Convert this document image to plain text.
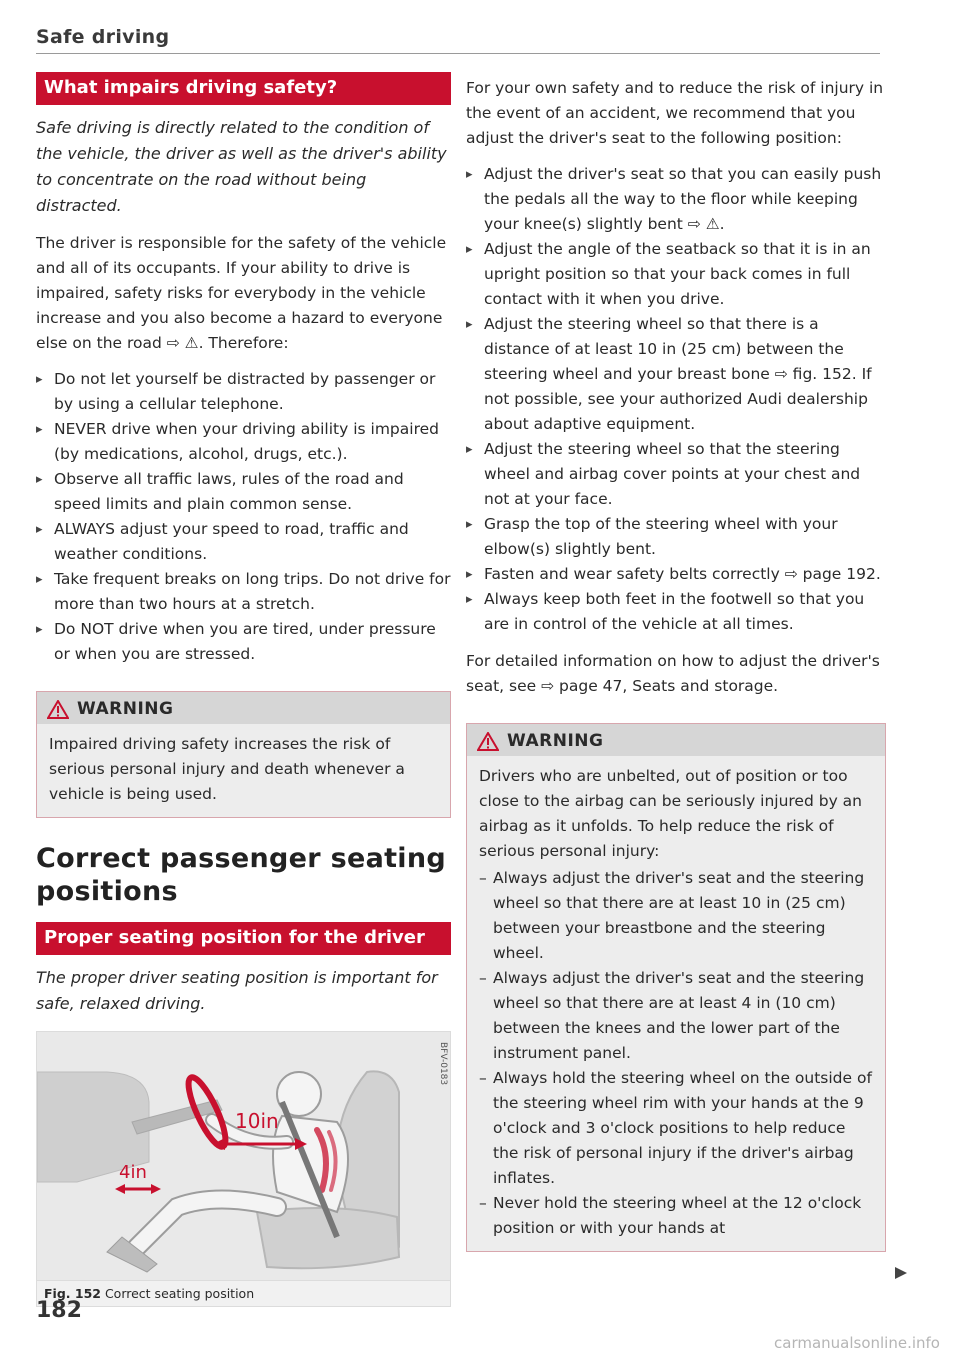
Safe driving
What impairs driving safety?
Safe driving is directly related to the condition of the vehicle, the driver as well as the driver's ability to concentrate on the road without being distracted.

The driver is responsible for the safety of the vehicle and all of its occupants. If your ability to drive is impaired, safety risks for everybody in the vehicle increase and you also become a hazard to everyone else on the road ⇨ ⚠. Therefore:

▸ Do not let yourself be distracted by passenger or by using a cellular telephone.
▸ NEVER drive when your driving ability is impaired (by medications, alcohol, drugs, etc.).
▸ Observe all traffic laws, rules of the road and speed limits and plain common sense.
▸ ALWAYS adjust your speed to road, traffic and weather conditions.
▸ Take frequent breaks on long trips. Do not drive for more than two hours at a stretch.
▸ Do NOT drive when you are tired, under pressure or when you are stressed.
WARNING
Impaired driving safety increases the risk of serious personal injury and death whenever a vehicle is being used.
Correct passenger seating positions
Proper seating position for the driver
The proper driver seating position is important for safe, relaxed driving.
10in
4in
BFV-0183
Fig. 152 Correct seating position
182

For your own safety and to reduce the risk of injury in the event of an accident, we recommend that you adjust the driver's seat to the following position:

▸ Adjust the driver's seat so that you can easily push the pedals all the way to the floor while keeping your knee(s) slightly bent ⇨ ⚠.
▸ Adjust the angle of the seatback so that it is in an upright position so that your back comes in full contact with it when you drive.
▸ Adjust the steering wheel so that there is a distance of at least 10 in (25 cm) between the steering wheel and your breast bone ⇨ fig. 152. If not possible, see your authorized Audi dealership about adaptive equipment.
▸ Adjust the steering wheel so that the steering wheel and airbag cover points at your chest and not at your face.
▸ Grasp the top of the steering wheel with your elbow(s) slightly bent.
▸ Fasten and wear safety belts correctly ⇨ page 192.
▸ Always keep both feet in the footwell so that you are in control of the vehicle at all times.

For detailed information on how to adjust the driver's seat, see ⇨ page 47, Seats and storage.

WARNING
Drivers who are unbelted, out of position or too close to the airbag can be seriously injured by an airbag as it unfolds. To help reduce the risk of serious personal injury:
– Always adjust the driver's seat and the steering wheel so that there are at least 10 in (25 cm) between your breastbone and the steering wheel.
– Always adjust the driver's seat and the steering wheel so that there are at least 4 in (10 cm) between the knees and the lower part of the instrument panel.
– Always hold the steering wheel on the outside of the steering wheel rim with your hands at the 9 o'clock and 3 o'clock positions to help reduce the risk of personal injury if the driver's airbag inflates.
– Never hold the steering wheel at the 12 o'clock position or with your hands at
carmanualsonline.info
